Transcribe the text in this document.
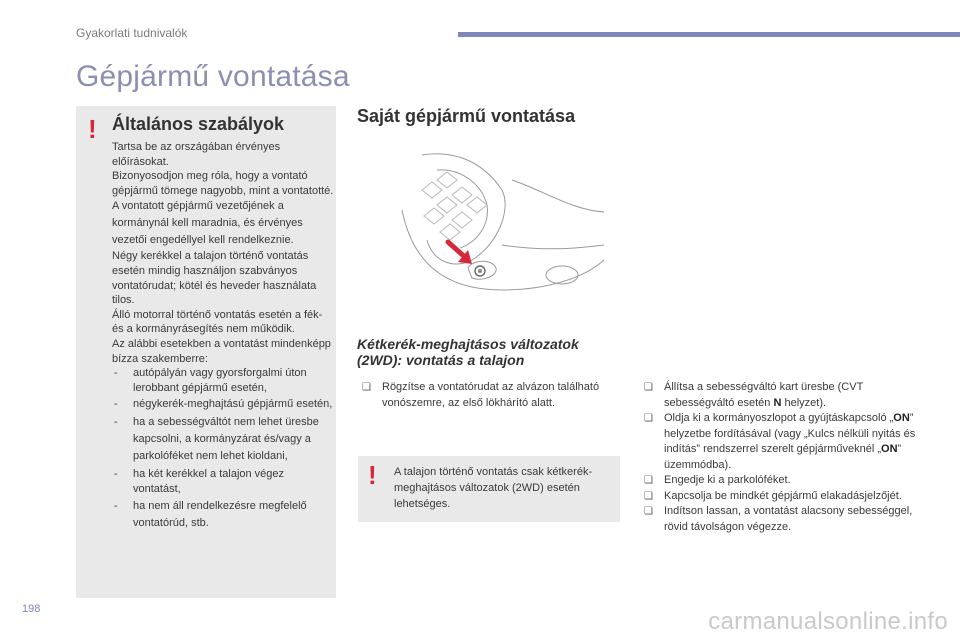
Gyakorlati tudnivalók
Gépjármű vontatása
! Általános szabályok

Tartsa be az országában érvényes előírásokat.

Bizonyosodjon meg róla, hogy a vontató gépjármű tömege nagyobb, mint a vontatotté.

A vontatott gépjármű vezetőjének a kormánynál kell maradnia, és érvényes vezetői engedéllyel kell rendelkeznie.

Négy kerékkel a talajon történő vontatás esetén mindig használjon szabványos vontatórudat; kötél és heveder használata tilos.

Álló motorral történő vontatás esetén a fék- és a kormányrásegítés nem működik.

Az alábbi esetekben a vontatást mindenképp bízza szakemberre:

- autópályán vagy gyorsforgalmi úton lerobbant gépjármű esetén,
- négykerék-meghajtású gépjármű esetén,
- ha a sebességváltót nem lehet üresbe kapcsolni, a kormányzárat és/vagy a parkolóféket nem lehet kioldani,
- ha két kerékkel a talajon végez vontatást,
- ha nem áll rendelkezésre megfelelő vontatórúd, stb.
Saját gépjármű vontatása
Kétkerék-meghajtásos változatok (2WD): vontatás a talajon
❏ Rögzítse a vontatórudat az alvázon található vonószemre, az első lökhárító alatt.
! A talajon történő vontatás csak kétkerék-meghajtásos változatok (2WD) esetén lehetséges.
❏ Állítsa a sebességváltó kart üresbe (CVT sebességváltó esetén N helyzet).
❏ Oldja ki a kormányoszlopot a gyújtáskapcsoló „ON” helyzetbe fordításával (vagy „Kulcs nélküli nyitás és indítás” rendszerrel szerelt gépjárműveknél „ON” üzemmódba).
❏ Engedje ki a parkolóféket.
❏ Kapcsolja be mindkét gépjármű elakadásjelzőjét.
❏ Indítson lassan, a vontatást alacsony sebességgel, rövid távolságon végezze.
198	carmanualsonline.info
